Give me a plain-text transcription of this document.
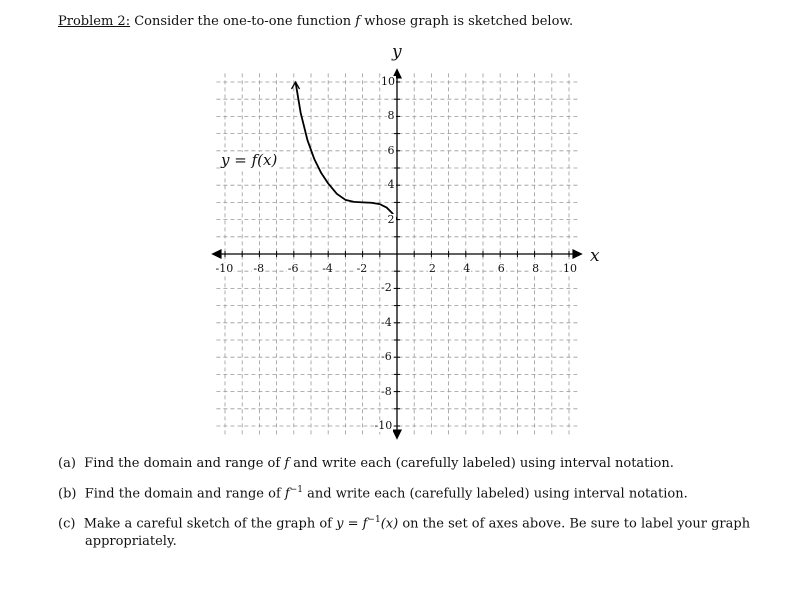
Problem 2: Consider the one-to-one function f whose graph is sketched below.
y
x
y = f(x)
-10 -8 -6 -4 -2	2 4 6 8 10
10
8
6
4
2
-2
-4
-6
-8
-10
(a) Find the domain and range of f and write each (carefully labeled) using interval notation.
(b) Find the domain and range of $f^{-1}$ and write each (carefully labeled) using interval notation.
(c) Make a careful sketch of the graph of $y = f^{-1}(x)$ on the set of axes above. Be sure to label your graph
appropriately.
